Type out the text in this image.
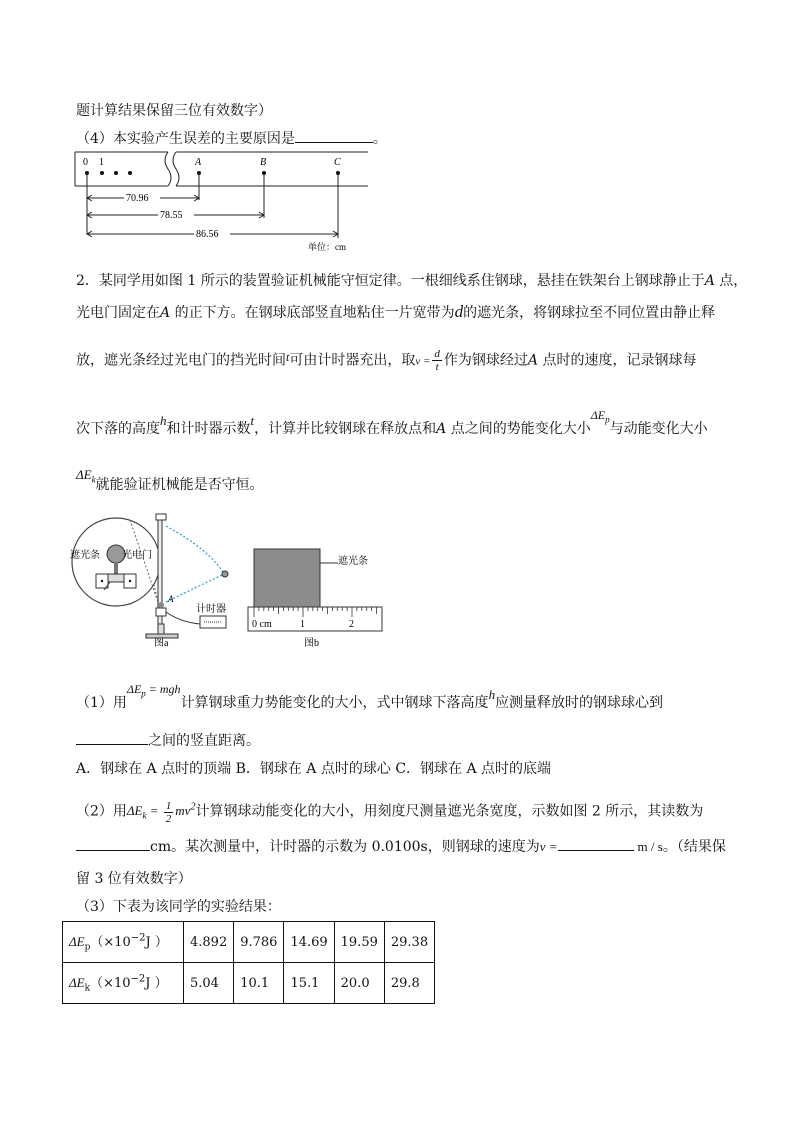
题计算结果保留三位有效数字）
（4）本实验产生误差的主要原因是	。
0 1	A	B	C
70.96
78.55
86.56
单位：cm
2．某同学用如图 1 所示的装置验证机械能守恒定律。一根细线系住钢球，悬挂在铁架台上钢球静止于A 点，
光电门固定在A 的正下方。在钢球底部竖直地粘住一片宽带为d的遮光条，将钢球拉至不同位置由静止释
放，遮光条经过光电门的挡光时间t可由计时器充出，取$v = \frac{d}{t}$ 作为钢球经过A 点时的速度，记录钢球每
次下落的高度h和计时器示数t，计算并比较钢球在释放点和A 点之间的势能变化大小$\Delta E_p$与动能变化大小
$\Delta E_k$就能验证机械能是否守恒。
遮光条 光电门
A
计时器
图a
遮光条
0 cm	1	2
图b
（1）用$\Delta E_p$ = mgh计算钢球重力势能变化的大小，式中钢球下落高度h应测量释放时的钢球球心到
之间的竖直距离。
A．钢球在 A 点时的顶端 B．钢球在 A 点时的球心 C．钢球在 A 点时的底端
（2）用$\Delta E_k = \frac{1}{2} mv^2$计算钢球动能变化的大小，用刻度尺测量遮光条宽度，示数如图 2 所示，其读数为
cm。某次测量中，计时器的示数为 0.0100s，则钢球的速度为v =	m / s。（结果保
留 3 位有效数字）
（3）下表为该同学的实验结果：
$\Delta E_p(\times 10^{-2}J$ ）	4.892	9.786	14.69	19.59	29.38
$\Delta E_k(\times 10^{-2}J$ ）	5.04	10.1	15.1	20.0	29.8
